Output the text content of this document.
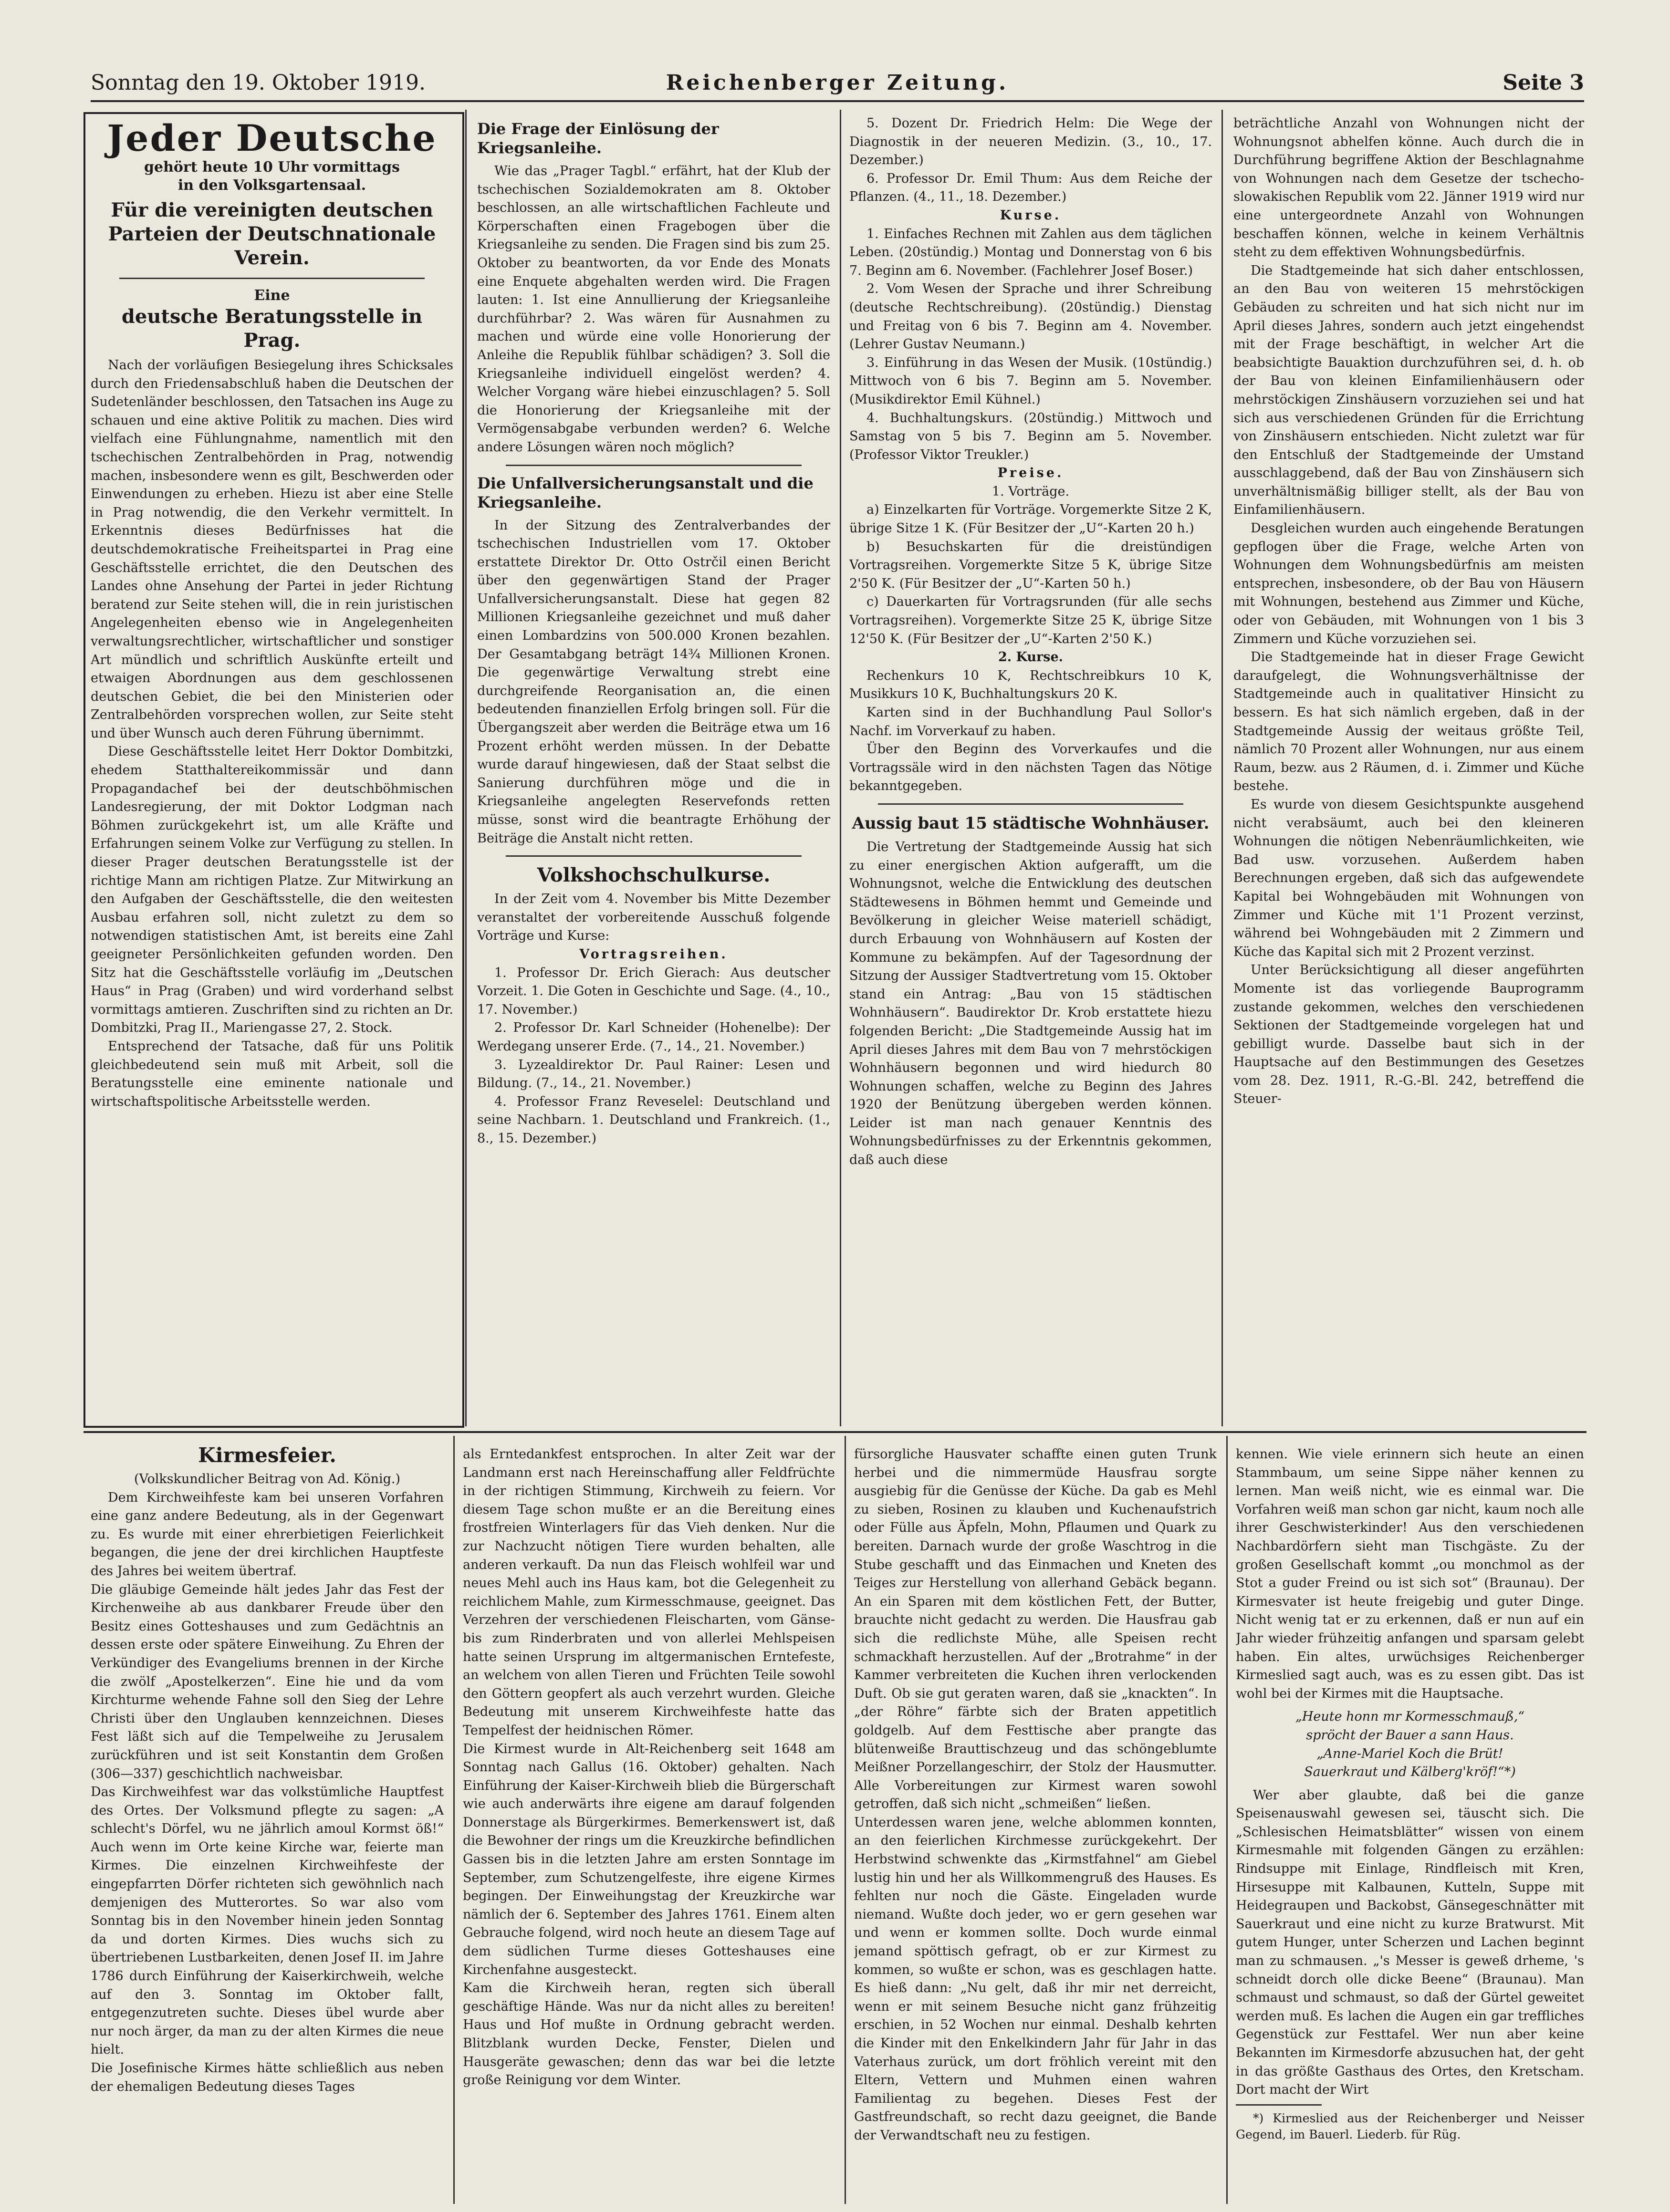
Sonntag den 19. Oktober 1919.	Reichenberger Zeitung.	Seite 3
Jeder Deutsche
gehört heute 10 Uhr vormittags
in den Volksgartensaal.
Für die vereinigten deutschen Parteien der Deutschnationale Verein.
Eine
deutsche Beratungsstelle in Prag.

Nach der vorläufigen Besiegelung ihres Schicksales durch den Friedensabschluß haben die Deutschen der Sudetenländer beschlossen, den Tatsachen ins Auge zu schauen und eine aktive Politik zu machen. Dies wird vielfach eine Fühlungnahme, namentlich mit den tschechischen Zentralbehörden in Prag, notwendig machen, insbesondere wenn es gilt, Beschwerden oder Einwendungen zu erheben. Hiezu ist aber eine Stelle in Prag notwendig, die den Verkehr vermittelt. In Erkenntnis dieses Bedürfnisses hat die deutschdemokratische Freiheitspartei in Prag eine Geschäftsstelle errichtet, die den Deutschen des Landes ohne Ansehung der Partei in jeder Richtung beratend zur Seite stehen will, die in rein juristischen Angelegenheiten ebenso wie in Angelegenheiten verwaltungsrechtlicher, wirtschaftlicher und sonstiger Art mündlich und schriftlich Auskünfte erteilt und etwaigen Abordnungen aus dem geschlossenen deutschen Gebiet, die bei den Ministerien oder Zentralbehörden vorsprechen wollen, zur Seite steht und über Wunsch auch deren Führung übernimmt.

Diese Geschäftsstelle leitet Herr Doktor Dombitzki, ehedem Statthaltereikommissär und dann Propagandachef bei der deutschböhmischen Landesregierung, der mit Doktor Lodgman nach Böhmen zurückgekehrt ist, um alle Kräfte und Erfahrungen seinem Volke zur Verfügung zu stellen. In dieser Prager deutschen Beratungsstelle ist der richtige Mann am richtigen Platze. Zur Mitwirkung an den Aufgaben der Geschäftsstelle, die den weitesten Ausbau erfahren soll, nicht zuletzt zu dem so notwendigen statistischen Amt, ist bereits eine Zahl geeigneter Persönlichkeiten gefunden worden. Den Sitz hat die Geschäftsstelle vorläufig im „Deutschen Haus“ in Prag (Graben) und wird vorderhand selbst vormittags amtieren. Zuschriften sind zu richten an Dr. Dombitzki, Prag II., Mariengasse 27, 2. Stock.

Entsprechend der Tatsache, daß für uns Politik gleichbedeutend sein muß mit Arbeit, soll die Beratungsstelle eine eminente nationale und wirtschaftspolitische Arbeitsstelle werden.

Die Frage der Einlösung der Kriegsanleihe.

Wie das „Prager Tagbl.“ erfährt, hat der Klub der tschechischen Sozialdemokraten am 8. Oktober beschlossen, an alle wirtschaftlichen Fachleute und Körperschaften einen Fragebogen über die Kriegsanleihe zu senden. Die Fragen sind bis zum 25. Oktober zu beantworten, da vor Ende des Monats eine Enquete abgehalten werden wird. Die Fragen lauten: 1. Ist eine Annullierung der Kriegsanleihe durchführbar? 2. Was wären für Ausnahmen zu machen und würde eine volle Honorierung der Anleihe die Republik fühlbar schädigen? 3. Soll die Kriegsanleihe individuell eingelöst werden? 4. Welcher Vorgang wäre hiebei einzuschlagen? 5. Soll die Honorierung der Kriegsanleihe mit der Vermögensabgabe verbunden werden? 6. Welche andere Lösungen wären noch möglich?

Die Unfallversicherungsanstalt und die Kriegsanleihe.

In der Sitzung des Zentralverbandes der tschechischen Industriellen vom 17. Oktober erstattete Direktor Dr. Otto Ostrčil einen Bericht über den gegenwärtigen Stand der Prager Unfallversicherungsanstalt. Diese hat gegen 82 Millionen Kriegsanleihe gezeichnet und muß daher einen Lombardzins von 500.000 Kronen bezahlen. Der Gesamtabgang beträgt 14¾ Millionen Kronen. Die gegenwärtige Verwaltung strebt eine durchgreifende Reorganisation an, die einen bedeutenden finanziellen Erfolg bringen soll. Für die Übergangszeit aber werden die Beiträge etwa um 16 Prozent erhöht werden müssen. In der Debatte wurde darauf hingewiesen, daß der Staat selbst die Sanierung durchführen möge und die in Kriegsanleihe angelegten Reservefonds retten müsse, sonst wird die beantragte Erhöhung der Beiträge die Anstalt nicht retten.

Volkshochschulkurse.

In der Zeit vom 4. November bis Mitte Dezember veranstaltet der vorbereitende Ausschuß folgende Vorträge und Kurse:

Vortragsreihen.

1. Professor Dr. Erich Gierach: Aus deutscher Vorzeit. 1. Die Goten in Geschichte und Sage. (4., 10., 17. November.)

2. Professor Dr. Karl Schneider (Hohenelbe): Der Werdegang unserer Erde. (7., 14., 21. November.)

3. Lyzealdirektor Dr. Paul Rainer: Lesen und Bildung. (7., 14., 21. November.)

4. Professor Franz Reveselel: Deutschland und seine Nachbarn. 1. Deutschland und Frankreich. (1., 8., 15. Dezember.)

5. Dozent Dr. Friedrich Helm: Die Wege der Diagnostik in der neueren Medizin. (3., 10., 17. Dezember.)

6. Professor Dr. Emil Thum: Aus dem Reiche der Pflanzen. (4., 11., 18. Dezember.)

Kurse.

1. Einfaches Rechnen mit Zahlen aus dem täglichen Leben. (20stündig.) Montag und Donnerstag von 6 bis 7. Beginn am 6. November. (Fachlehrer Josef Boser.)

2. Vom Wesen der Sprache und ihrer Schreibung (deutsche Rechtschreibung). (20stündig.) Dienstag und Freitag von 6 bis 7. Beginn am 4. November. (Lehrer Gustav Neumann.)

3. Einführung in das Wesen der Musik. (10stündig.) Mittwoch von 6 bis 7. Beginn am 5. November. (Musikdirektor Emil Kühnel.)

4. Buchhaltungskurs. (20stündig.) Mittwoch und Samstag von 5 bis 7. Beginn am 5. November. (Professor Viktor Treukler.)

Preise.
1. Vorträge.

a) Einzelkarten für Vorträge. Vorgemerkte Sitze 2 K, übrige Sitze 1 K. (Für Besitzer der „U“-Karten 20 h.)

b) Besuchskarten für die dreistündigen Vortragsreihen. Vorgemerkte Sitze 5 K, übrige Sitze 2'50 K. (Für Besitzer der „U“-Karten 50 h.)

c) Dauerkarten für Vortragsrunden (für alle sechs Vortragsreihen). Vorgemerkte Sitze 25 K, übrige Sitze 12'50 K. (Für Besitzer der „U“-Karten 2'50 K.)

2. Kurse.

Rechenkurs 10 K, Rechtschreibkurs 10 K, Musikkurs 10 K, Buchhaltungskurs 20 K.

Karten sind in der Buchhandlung Paul Sollor's Nachf. im Vorverkauf zu haben.

Über den Beginn des Vorverkaufes und die Vortragssäle wird in den nächsten Tagen das Nötige bekanntgegeben.

Aussig baut 15 städtische Wohnhäuser.

Die Vertretung der Stadtgemeinde Aussig hat sich zu einer energischen Aktion aufgerafft, um die Wohnungsnot, welche die Entwicklung des deutschen Städtewesens in Böhmen hemmt und Gemeinde und Bevölkerung in gleicher Weise materiell schädigt, durch Erbauung von Wohnhäusern auf Kosten der Kommune zu bekämpfen. Auf der Tagesordnung der Sitzung der Aussiger Stadtvertretung vom 15. Oktober stand ein Antrag: „Bau von 15 städtischen Wohnhäusern“. Baudirektor Dr. Krob erstattete hiezu folgenden Bericht: „Die Stadtgemeinde Aussig hat im April dieses Jahres mit dem Bau von 7 mehrstöckigen Wohnhäusern begonnen und wird hiedurch 80 Wohnungen schaffen, welche zu Beginn des Jahres 1920 der Benützung übergeben werden können. Leider ist man nach genauer Kenntnis des Wohnungsbedürfnisses zu der Erkenntnis gekommen, daß auch diese

beträchtliche Anzahl von Wohnungen nicht der Wohnungsnot abhelfen könne. Auch durch die in Durchführung begriffene Aktion der Beschlagnahme von Wohnungen nach dem Gesetze der tschecho-slowakischen Republik vom 22. Jänner 1919 wird nur eine untergeordnete Anzahl von Wohnungen beschaffen können, welche in keinem Verhältnis steht zu dem effektiven Wohnungsbedürfnis.

Die Stadtgemeinde hat sich daher entschlossen, an den Bau von weiteren 15 mehrstöckigen Gebäuden zu schreiten und hat sich nicht nur im April dieses Jahres, sondern auch jetzt eingehendst mit der Frage beschäftigt, in welcher Art die beabsichtigte Bauaktion durchzuführen sei, d. h. ob der Bau von kleinen Einfamilienhäusern oder mehrstöckigen Zinshäusern vorzuziehen sei und hat sich aus verschiedenen Gründen für die Errichtung von Zinshäusern entschieden. Nicht zuletzt war für den Entschluß der Stadtgemeinde der Umstand ausschlaggebend, daß der Bau von Zinshäusern sich unverhältnismäßig billiger stellt, als der Bau von Einfamilienhäusern.

Desgleichen wurden auch eingehende Beratungen gepflogen über die Frage, welche Arten von Wohnungen dem Wohnungsbedürfnis am meisten entsprechen, insbesondere, ob der Bau von Häusern mit Wohnungen, bestehend aus Zimmer und Küche, oder von Gebäuden, mit Wohnungen von 1 bis 3 Zimmern und Küche vorzuziehen sei.

Die Stadtgemeinde hat in dieser Frage Gewicht daraufgelegt, die Wohnungsverhältnisse der Stadtgemeinde auch in qualitativer Hinsicht zu bessern. Es hat sich nämlich ergeben, daß in der Stadtgemeinde Aussig der weitaus größte Teil, nämlich 70 Prozent aller Wohnungen, nur aus einem Raum, bezw. aus 2 Räumen, d. i. Zimmer und Küche bestehe.

Es wurde von diesem Gesichtspunkte ausgehend nicht verabsäumt, auch bei den kleineren Wohnungen die nötigen Nebenräumlichkeiten, wie Bad usw. vorzusehen. Außerdem haben Berechnungen ergeben, daß sich das aufgewendete Kapital bei Wohngebäuden mit Wohnungen von Zimmer und Küche mit 1'1 Prozent verzinst, während bei Wohngebäuden mit 2 Zimmern und Küche das Kapital sich mit 2 Prozent verzinst.

Unter Berücksichtigung all dieser angeführten Momente ist das vorliegende Bauprogramm zustande gekommen, welches den verschiedenen Sektionen der Stadtgemeinde vorgelegen hat und gebilligt wurde. Dasselbe baut sich in der Hauptsache auf den Bestimmungen des Gesetzes vom 28. Dez. 1911, R.-G.-Bl. 242, betreffend die Steuer-

Kirmesfeier.
(Volkskundlicher Beitrag von Ad. König.)

Dem Kirchweihfeste kam bei unseren Vorfahren eine ganz andere Bedeutung, als in der Gegenwart zu. Es wurde mit einer ehrerbietigen Feierlichkeit begangen, die jene der drei kirchlichen Hauptfeste des Jahres bei weitem übertraf.
Die gläubige Gemeinde hält jedes Jahr das Fest der Kirchenweihe ab aus dankbarer Freude über den Besitz eines Gotteshauses und zum Gedächtnis an dessen erste oder spätere Einweihung. Zu Ehren der Verkündiger des Evangeliums brennen in der Kirche die zwölf „Apostelkerzen“. Eine hie und da vom Kirchturme wehende Fahne soll den Sieg der Lehre Christi über den Unglauben kennzeichnen. Dieses Fest läßt sich auf die Tempelweihe zu Jerusalem zurückführen und ist seit Konstantin dem Großen (306—337) geschichtlich nachweisbar.
Das Kirchweihfest war das volkstümliche Hauptfest des Ortes. Der Volksmund pflegte zu sagen: „A schlecht's Dörfel, wu ne jährlich amoul Kormst öß!“ Auch wenn im Orte keine Kirche war, feierte man Kirmes. Die einzelnen Kirchweihfeste der eingepfarrten Dörfer richteten sich gewöhnlich nach demjenigen des Mutterortes. So war also vom Sonntag bis in den November hinein jeden Sonntag da und dorten Kirmes. Dies wuchs sich zu übertriebenen Lustbarkeiten, denen Josef II. im Jahre 1786 durch Einführung der Kaiserkirchweih, welche auf den 3. Sonntag im Oktober fallt, entgegenzutreten suchte. Dieses übel wurde aber nur noch ärger, da man zu der alten Kirmes die neue hielt.
Die Josefinische Kirmes hätte schließlich aus neben der ehemaligen Bedeutung dieses Tages

als Erntedankfest entsprochen. In alter Zeit war der Landmann erst nach Hereinschaffung aller Feldfrüchte in der richtigen Stimmung, Kirchweih zu feiern. Vor diesem Tage schon mußte er an die Bereitung eines frostfreien Winterlagers für das Vieh denken. Nur die zur Nachzucht nötigen Tiere wurden behalten, alle anderen verkauft. Da nun das Fleisch wohlfeil war und neues Mehl auch ins Haus kam, bot die Gelegenheit zu reichlichem Mahle, zum Kirmesschmause, geeignet. Das Verzehren der verschiedenen Fleischarten, vom Gänse- bis zum Rinderbraten und von allerlei Mehlspeisen hatte seinen Ursprung im altgermanischen Erntefeste, an welchem von allen Tieren und Früchten Teile sowohl den Göttern geopfert als auch verzehrt wurden. Gleiche Bedeutung mit unserem Kirchweihfeste hatte das Tempelfest der heidnischen Römer.
Die Kirmest wurde in Alt-Reichenberg seit 1648 am Sonntag nach Gallus (16. Oktober) gehalten. Nach Einführung der Kaiser-Kirchweih blieb die Bürgerschaft wie auch anderwärts ihre eigene am darauf folgenden Donnerstage als Bürgerkirmes. Bemerkenswert ist, daß die Bewohner der rings um die Kreuzkirche befindlichen Gassen bis in die letzten Jahre am ersten Sonntage im September, zum Schutzengelfeste, ihre eigene Kirmes begingen. Der Einweihungstag der Kreuzkirche war nämlich der 6. September des Jahres 1761. Einem alten Gebrauche folgend, wird noch heute an diesem Tage auf dem südlichen Turme dieses Gotteshauses eine Kirchenfahne ausgesteckt.
Kam die Kirchweih heran, regten sich überall geschäftige Hände. Was nur da nicht alles zu bereiten! Haus und Hof mußte in Ordnung gebracht werden. Blitzblank wurden Decke, Fenster, Dielen und Hausgeräte gewaschen; denn das war bei die letzte große Reinigung vor dem Winter.

fürsorgliche Hausvater schaffte einen guten Trunk herbei und die nimmermüde Hausfrau sorgte ausgiebig für die Genüsse der Küche. Da gab es Mehl zu sieben, Rosinen zu klauben und Kuchenaufstrich oder Fülle aus Äpfeln, Mohn, Pflaumen und Quark zu bereiten. Darnach wurde der große Waschtrog in die Stube geschafft und das Einmachen und Kneten des Teiges zur Herstellung von allerhand Gebäck begann. An ein Sparen mit dem köstlichen Fett, der Butter, brauchte nicht gedacht zu werden. Die Hausfrau gab sich die redlichste Mühe, alle Speisen recht schmackhaft herzustellen. Auf der „Brotrahme“ in der Kammer verbreiteten die Kuchen ihren verlockenden Duft. Ob sie gut geraten waren, daß sie „knackten“. In „der Röhre“ färbte sich der Braten appetitlich goldgelb. Auf dem Festtische aber prangte das blütenweiße Brauttischzeug und das schöngeblumte Meißner Porzellangeschirr, der Stolz der Hausmutter. Alle Vorbereitungen zur Kirmest waren sowohl getroffen, daß sich nicht „schmeißen“ ließen.
Unterdessen waren jene, welche ablommen konnten, an den feierlichen Kirchmesse zurückgekehrt. Der Herbstwind schwenkte das „Kirmstfahnel“ am Giebel lustig hin und her als Willkommengruß des Hauses. Es fehlten nur noch die Gäste. Eingeladen wurde niemand. Wußte doch jeder, wo er gern gesehen war und wenn er kommen sollte. Doch wurde einmal jemand spöttisch gefragt, ob er zur Kirmest zu kommen, so wußte er schon, was es geschlagen hatte. Es hieß dann: „Nu gelt, daß ihr mir net derreicht, wenn er mit seinem Besuche nicht ganz frühzeitig erschien, in 52 Wochen nur einmal. Deshalb kehrten die Kinder mit den Enkelkindern Jahr für Jahr in das Vaterhaus zurück, um dort fröhlich vereint mit den Eltern, Vettern und Muhmen einen wahren Familientag zu begehen. Dieses Fest der Gastfreundschaft, so recht dazu geeignet, die Bande der Verwandtschaft neu zu festigen.

kennen. Wie viele erinnern sich heute an einen Stammbaum, um seine Sippe näher kennen zu lernen. Man weiß nicht, wie es einmal war. Die Vorfahren weiß man schon gar nicht, kaum noch alle ihrer Geschwisterkinder! Aus den verschiedenen Nachbardörfern sieht man Tischgäste. Zu der großen Gesellschaft kommt „ou monchmol as der Stot a guder Freind ou ist sich sot“ (Braunau). Der Kirmesvater ist heute freigebig und guter Dinge. Nicht wenig tat er zu erkennen, daß er nun auf ein Jahr wieder frühzeitig anfangen und sparsam gelebt haben. Ein altes, urwüchsiges Reichenberger Kirmeslied sagt auch, was es zu essen gibt. Das ist wohl bei der Kirmes mit die Hauptsache.

„Heute honn mr Kormesschmauß,“
spröcht der Bauer a sann Haus.
„Anne-Mariel Koch die Brüt!
Sauerkraut und Kälberg'kröf!“*)

Wer aber glaubte, daß bei die ganze Speisenauswahl gewesen sei, täuscht sich. Die „Schlesischen Heimatsblätter“ wissen von einem Kirmesmahle mit folgenden Gängen zu erzählen: Rindsuppe mit Einlage, Rindfleisch mit Kren, Hirsesuppe mit Kalbaunen, Kutteln, Suppe mit Heidegraupen und Backobst, Gänsegeschnätter mit Sauerkraut und eine nicht zu kurze Bratwurst. Mit gutem Hunger, unter Scherzen und Lachen beginnt man zu schmausen. „'s Messer is geweß drheme, 's schneidt dorch olle dicke Beene“ (Braunau). Man schmaust und schmaust, so daß der Gürtel geweitet werden muß. Es lachen die Augen ein gar treffliches Gegenstück zur Festtafel. Wer nun aber keine Bekannten im Kirmesdorfe abzusuchen hat, der geht in das größte Gasthaus des Ortes, den Kretscham. Dort macht der Wirt

*) Kirmeslied aus der Reichenberger und Neisser Gegend, im Bauerl. Liederb. für Rüg.
